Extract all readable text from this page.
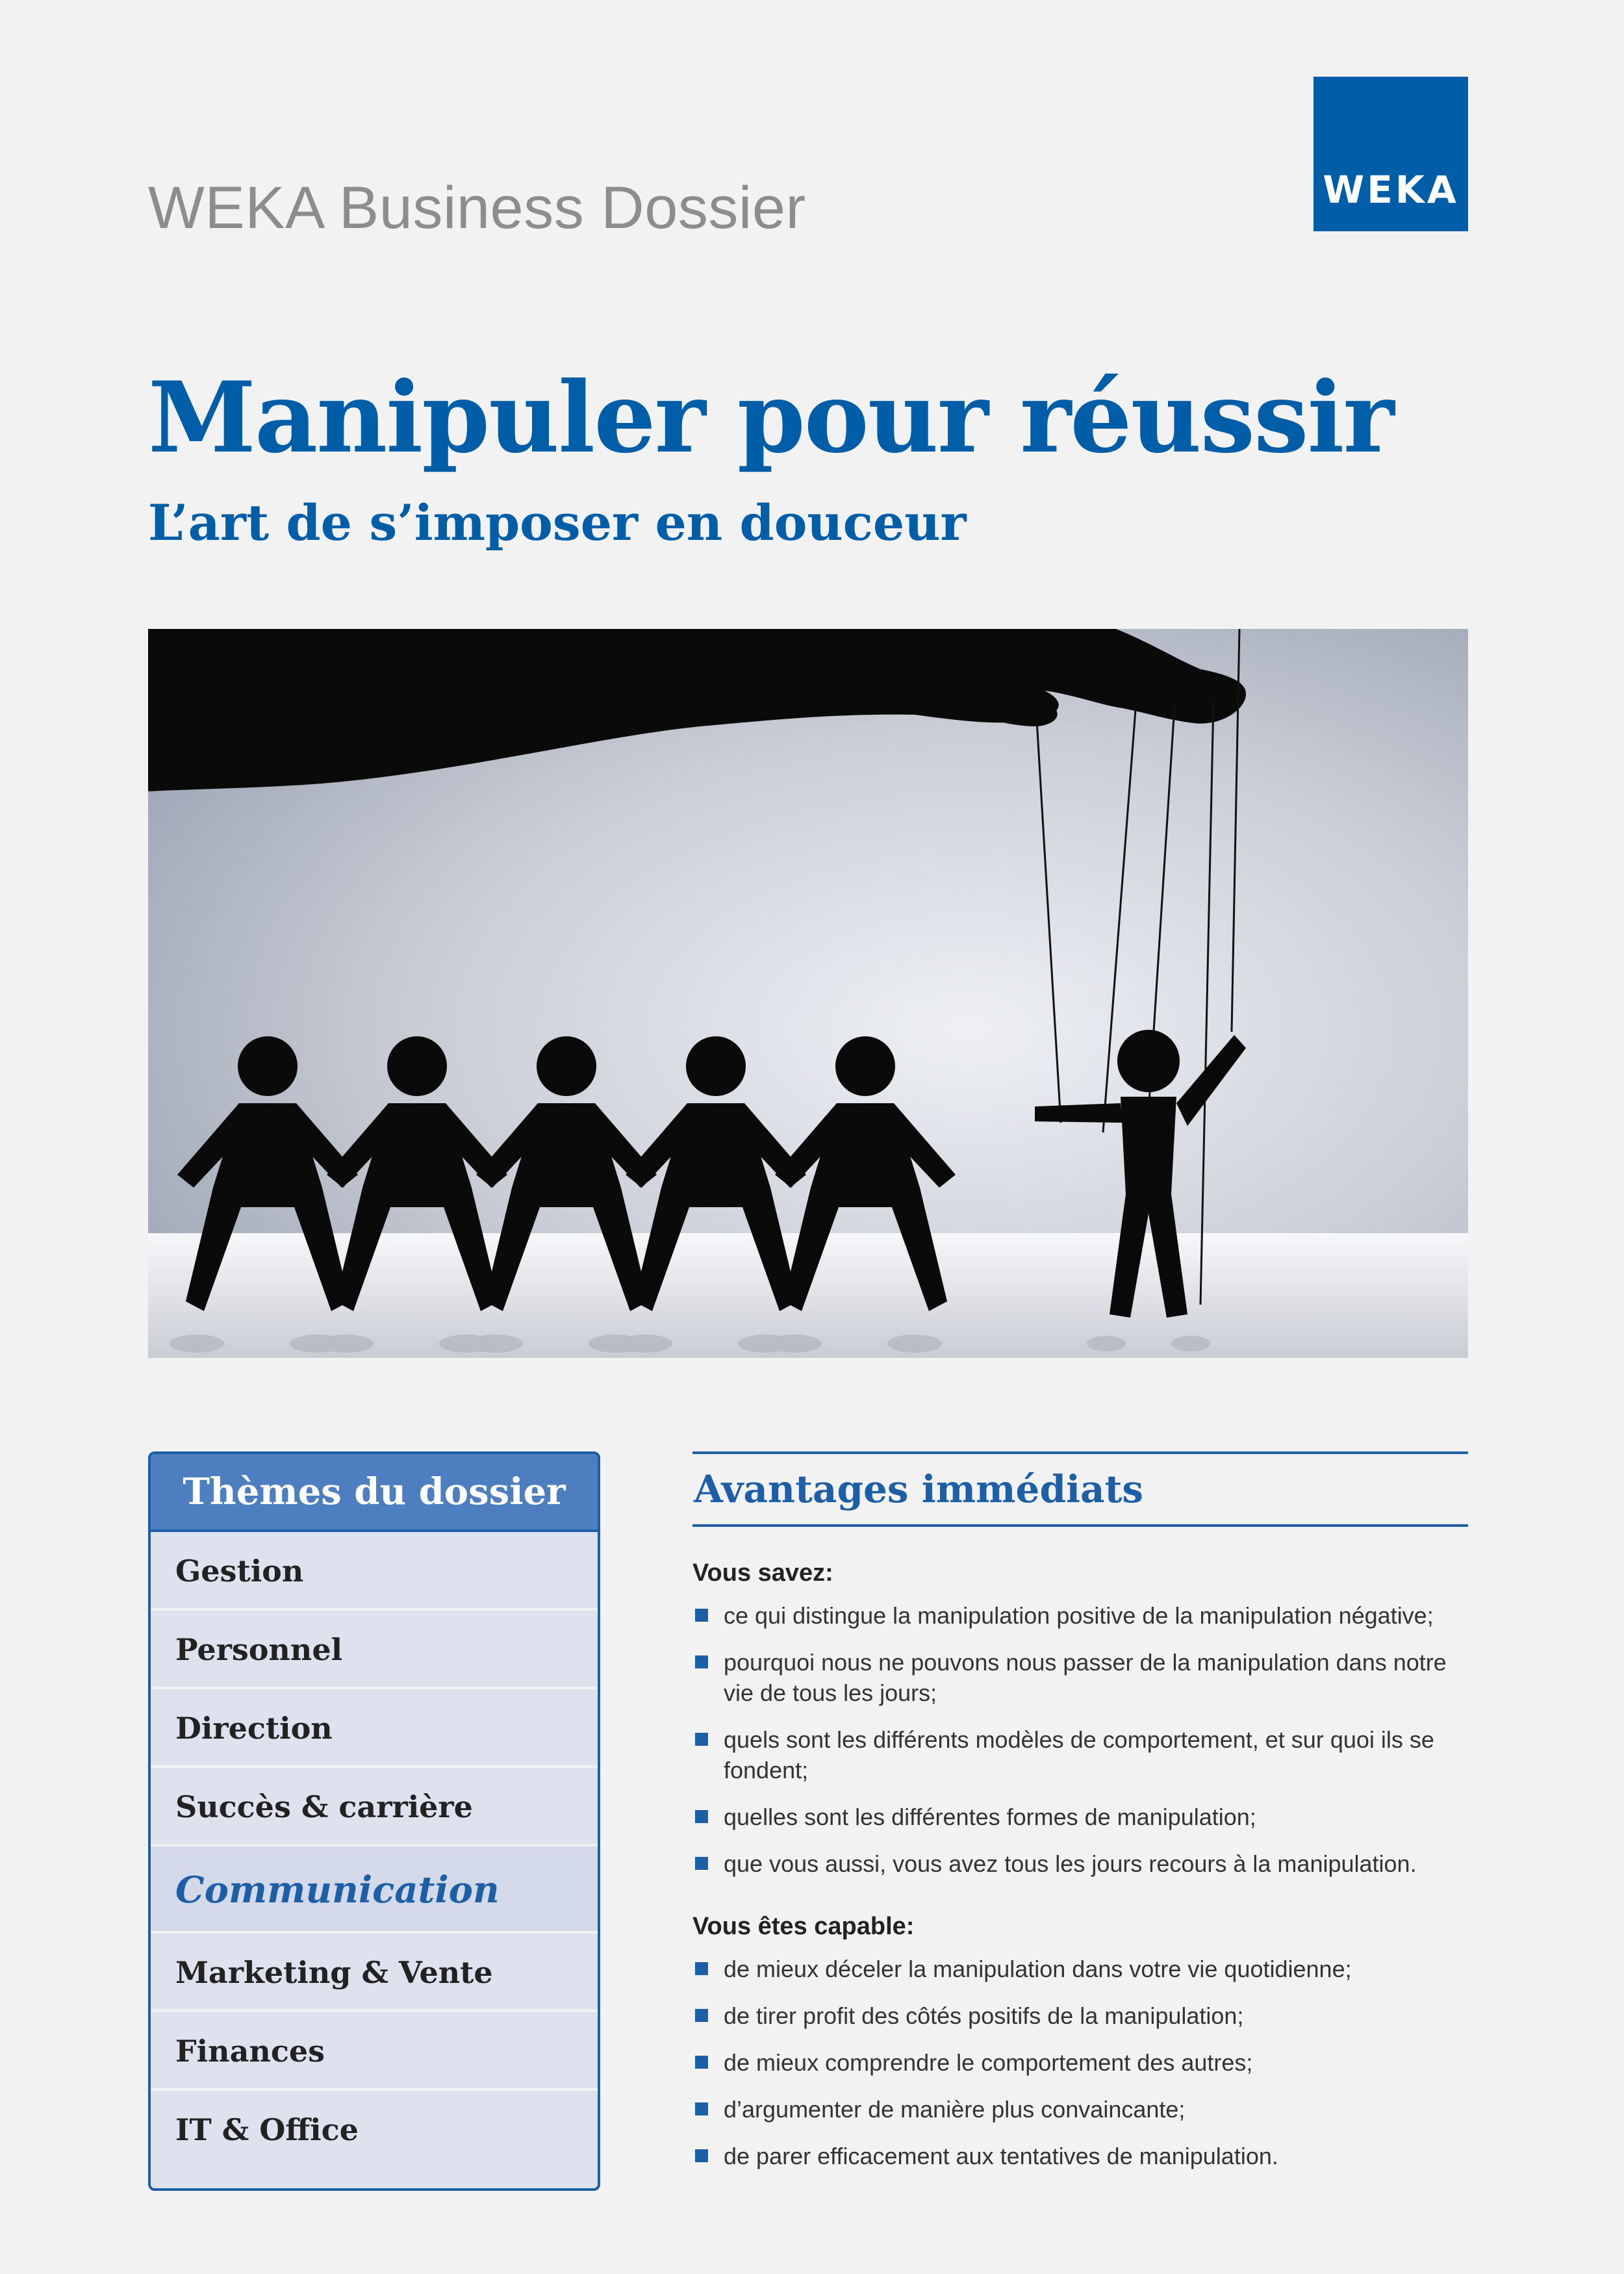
WEKA Business Dossier	WEKA
Manipuler pour réussir
L’art de s’imposer en douceur
Thèmes du dossier
Gestion
Personnel
Direction
Succès & carrière
Communication
Marketing & Vente
Finances
IT & Office
Avantages immédiats
Vous savez:
ce qui distingue la manipulation positive de la manipulation négative;
pourquoi nous ne pouvons nous passer de la manipulation dans notre vie de tous les jours;
quels sont les différents modèles de comportement, et sur quoi ils se fondent;
quelles sont les différentes formes de manipulation;
que vous aussi, vous avez tous les jours recours à la manipulation.
Vous êtes capable:
de mieux déceler la manipulation dans votre vie quotidienne;
de tirer profit des côtés positifs de la manipulation;
de mieux comprendre le comportement des autres;
d’argumenter de manière plus convaincante;
de parer efficacement aux tentatives de manipulation.
